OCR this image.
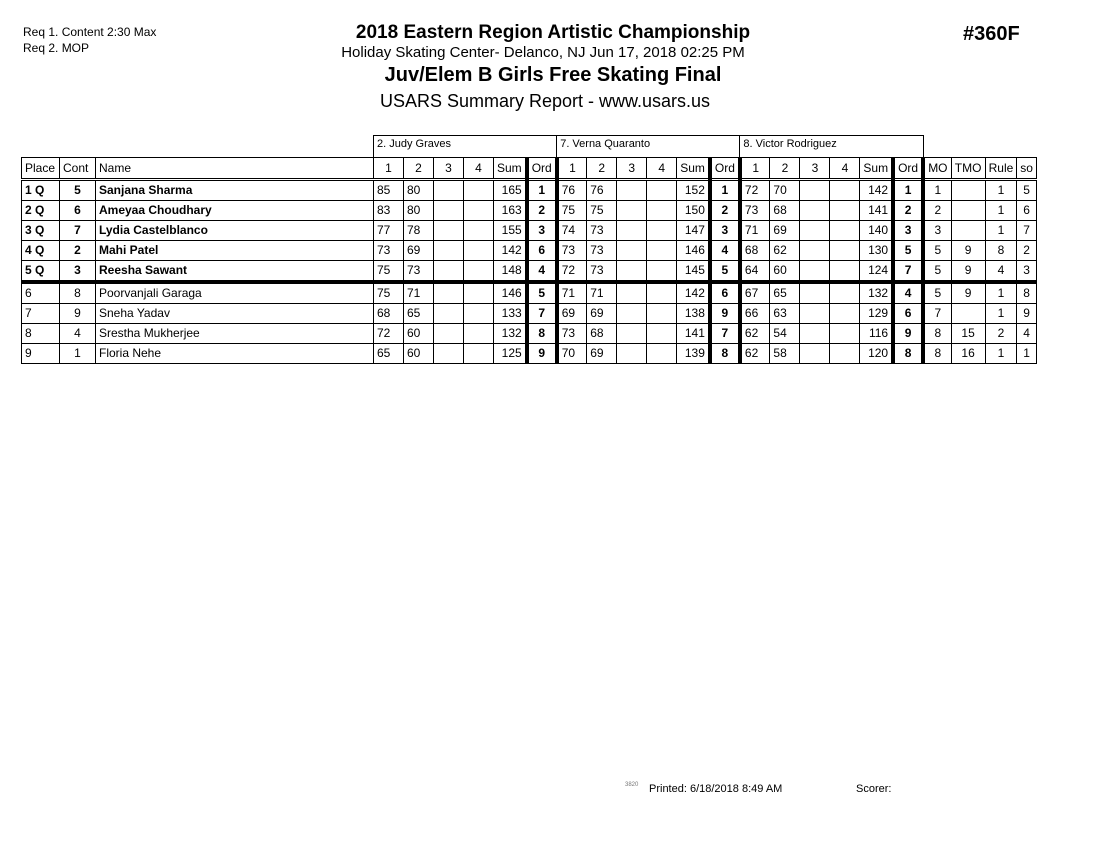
Req 1. Content 2:30 Max
Req 2. MOP
2018 Eastern Region Artistic Championship
Holiday Skating Center- Delanco, NJ Jun 17, 2018 02:25 PM
Juv/Elem B Girls Free Skating Final
USARS Summary Report - www.usars.us
#360F
			2. Judy Graves						7. Verna Quaranto						8. Victor Rodriguez									
Place	Cont	Name	1	2	3	4	Sum	Ord	1	2	3	4	Sum	Ord	1	2	3	4	Sum	Ord	MO	TMO	Rule	so
1 Q	5	Sanjana Sharma	85	80			165	1	76	76			152	1	72	70			142	1	1		1	5
2 Q	6	Ameyaa Choudhary	83	80			163	2	75	75			150	2	73	68			141	2	2		1	6
3 Q	7	Lydia Castelblanco	77	78			155	3	74	73			147	3	71	69			140	3	3		1	7
4 Q	2	Mahi Patel	73	69			142	6	73	73			146	4	68	62			130	5	5	9	8	2
5 Q	3	Reesha Sawant	75	73			148	4	72	73			145	5	64	60			124	7	5	9	4	3
6	8	Poorvanjali Garaga	75	71			146	5	71	71			142	6	67	65			132	4	5	9	1	8
7	9	Sneha Yadav	68	65			133	7	69	69			138	9	66	63			129	6	7		1	9
8	4	Srestha Mukherjee	72	60			132	8	73	68			141	7	62	54			116	9	8	15	2	4
9	1	Floria Nehe	65	60			125	9	70	69			139	8	62	58			120	8	8	16	1	1
3820 Printed: 6/18/2018 8:49 AM	Scorer:
